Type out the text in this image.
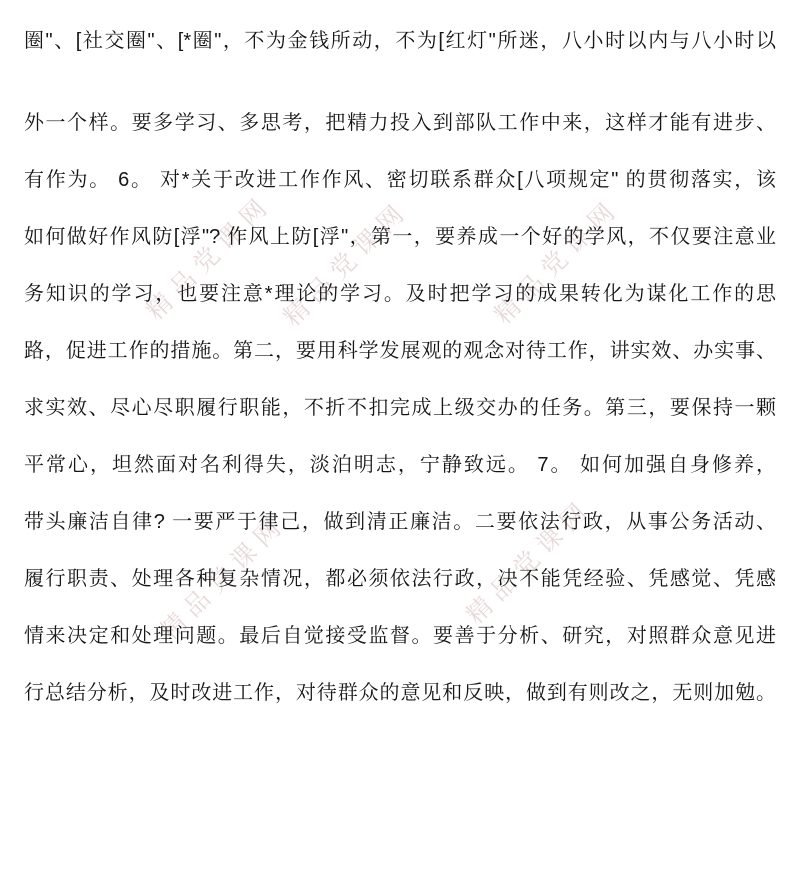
精品党课网 精品党课网	精品党课网
精品党课网	精品党课网
圈"、[社交圈"、[*圈"，不为金钱所动，不为[红灯"所迷，八小时以内与八小时以
外一个样。要多学习、多思考，把精力投入到部队工作中来，这样才能有进步、
有作为。 6。 对*关于改进工作作风、密切联系群众[八项规定" 的贯彻落实，该
如何做好作风防[浮"? 作风上防[浮"，第一，要养成一个好的学风，不仅要注意业
务知识的学习，也要注意*理论的学习。及时把学习的成果转化为谋化工作的思
路，促进工作的措施。第二，要用科学发展观的观念对待工作，讲实效、办实事、
求实效、尽心尽职履行职能，不折不扣完成上级交办的任务。第三，要保持一颗
平常心，坦然面对名利得失，淡泊明志，宁静致远。 7。 如何加强自身修养，
带头廉洁自律? 一要严于律己，做到清正廉洁。二要依法行政，从事公务活动、
履行职责、处理各种复杂情况，都必须依法行政，决不能凭经验、凭感觉、凭感
情来决定和处理问题。最后自觉接受监督。要善于分析、研究，对照群众意见进
行总结分析，及时改进工作，对待群众的意见和反映，做到有则改之，无则加勉。
